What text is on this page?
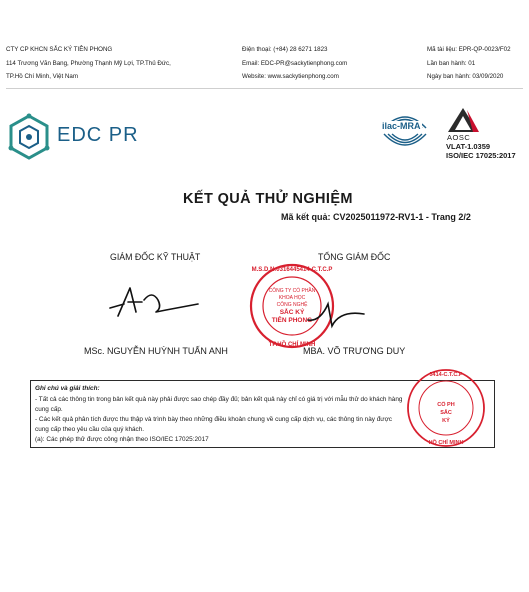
CTY CP KHCN SẮC KÝ TIÊN PHONG
114 Trương Văn Bang, Phường Thạnh Mỹ Lợi, TP.Thủ Đức,
TP.Hồ Chí Minh, Việt Nam
Điện thoại: (+84) 28 6271 1823
Email: EDC-PR@sackytienphong.com
Website: www.sackytienphong.com
Mã tài liệu: EPR-QP-0023/F02
Lần ban hành: 01
Ngày ban hành: 03/09/2020
EDC PR	ilac-MRA
AOSC
VLAT-1.0359
ISO/IEC 17025:2017
KẾT QUẢ THỬ NGHIỆM
Mã kết quả: CV2025011972-RV1-1 - Trang 2/2
GIÁM ĐỐC KỸ THUẬT	TỔNG GIÁM ĐỐC
M.S.D.N:0316445414-C.T.C.P
TP.HỒ CHÍ MINH
CÔNG TY CỔ PHẦN
KHOA HỌC
CÔNG NGHỆ
SẮC KÝ
TIÊN PHONG
MSc. NGUYỄN HUỲNH TUẤN ANH	MBA. VÕ TRƯƠNG DUY
Ghi chú và giải thích:
- Tất cả các thông tin trong bản kết quả này phải được sao chép đầy đủ; bản kết quả này chỉ có giá trị với mẫu thử do khách hàng
cung cấp.
- Các kết quả phân tích được thu thập và trình bày theo những điều khoản chung về cung cấp dịch vụ, các thông tin này được
cung cấp theo yêu cầu của quý khách.
(a): Các phép thử được công nhận theo ISO/IEC 17025:2017
5414-C.T.C.P
CỔ PH
SẮC
KÝ
HỒ CHÍ MINH
